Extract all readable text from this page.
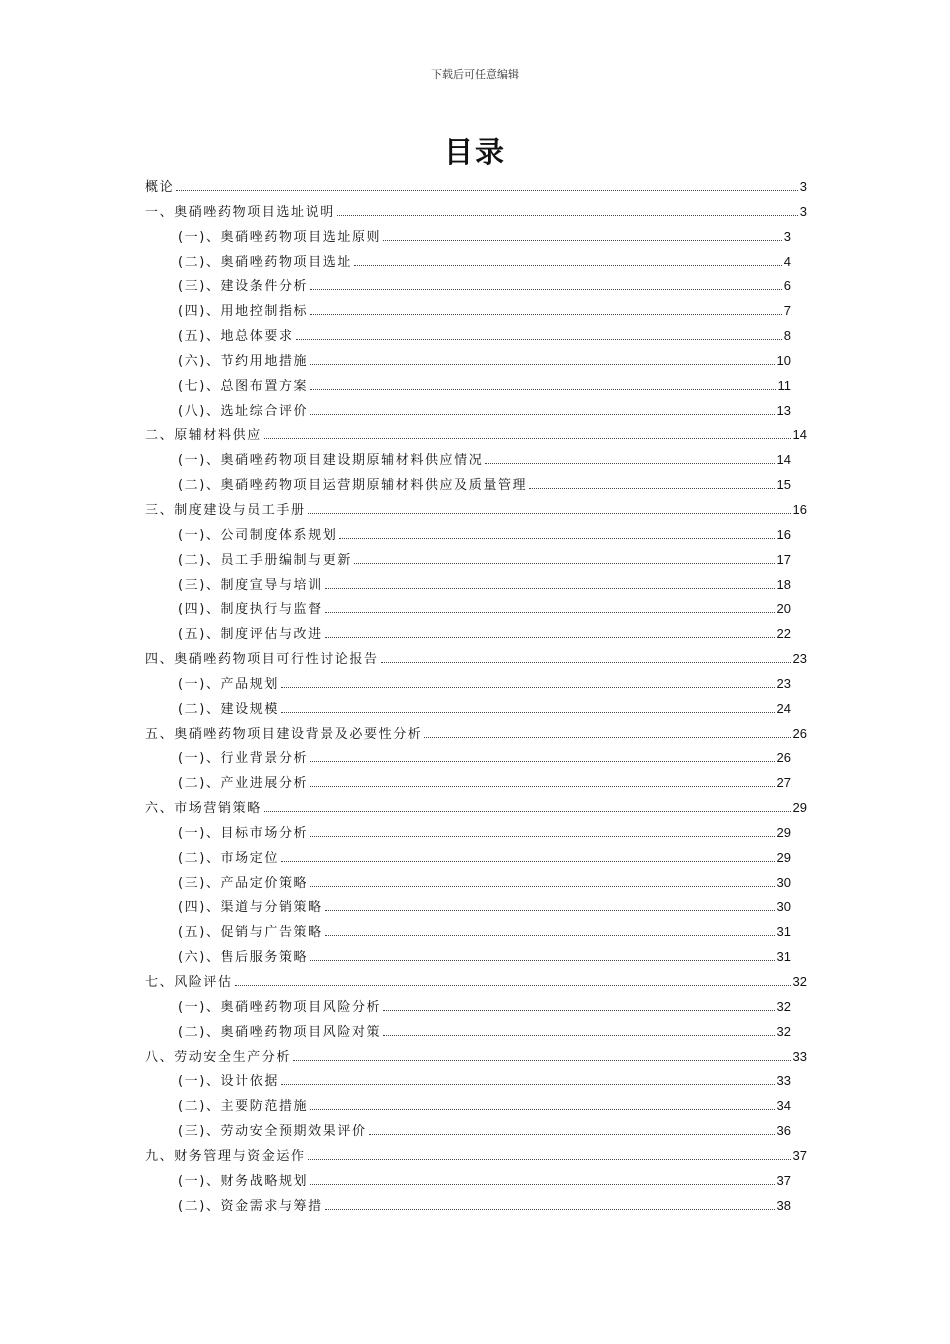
下载后可任意编辑
目录
概论	3
一、奥硝唑药物项目选址说明	3
(一)、奥硝唑药物项目选址原则	3
(二)、奥硝唑药物项目选址	4
(三)、建设条件分析	6
(四)、用地控制指标	7
(五)、地总体要求	8
(六)、节约用地措施	10
(七)、总图布置方案	11
(八)、选址综合评价	13
二、原辅材料供应	14
(一)、奥硝唑药物项目建设期原辅材料供应情况	14
(二)、奥硝唑药物项目运营期原辅材料供应及质量管理	15
三、制度建设与员工手册	16
(一)、公司制度体系规划	16
(二)、员工手册编制与更新	17
(三)、制度宣导与培训	18
(四)、制度执行与监督	20
(五)、制度评估与改进	22
四、奥硝唑药物项目可行性讨论报告	23
(一)、产品规划	23
(二)、建设规模	24
五、奥硝唑药物项目建设背景及必要性分析	26
(一)、行业背景分析	26
(二)、产业进展分析	27
六、市场营销策略	29
(一)、目标市场分析	29
(二)、市场定位	29
(三)、产品定价策略	30
(四)、渠道与分销策略	30
(五)、促销与广告策略	31
(六)、售后服务策略	31
七、风险评估	32
(一)、奥硝唑药物项目风险分析	32
(二)、奥硝唑药物项目风险对策	32
八、劳动安全生产分析	33
(一)、设计依据	33
(二)、主要防范措施	34
(三)、劳动安全预期效果评价	36
九、财务管理与资金运作	37
(一)、财务战略规划	37
(二)、资金需求与筹措	38
